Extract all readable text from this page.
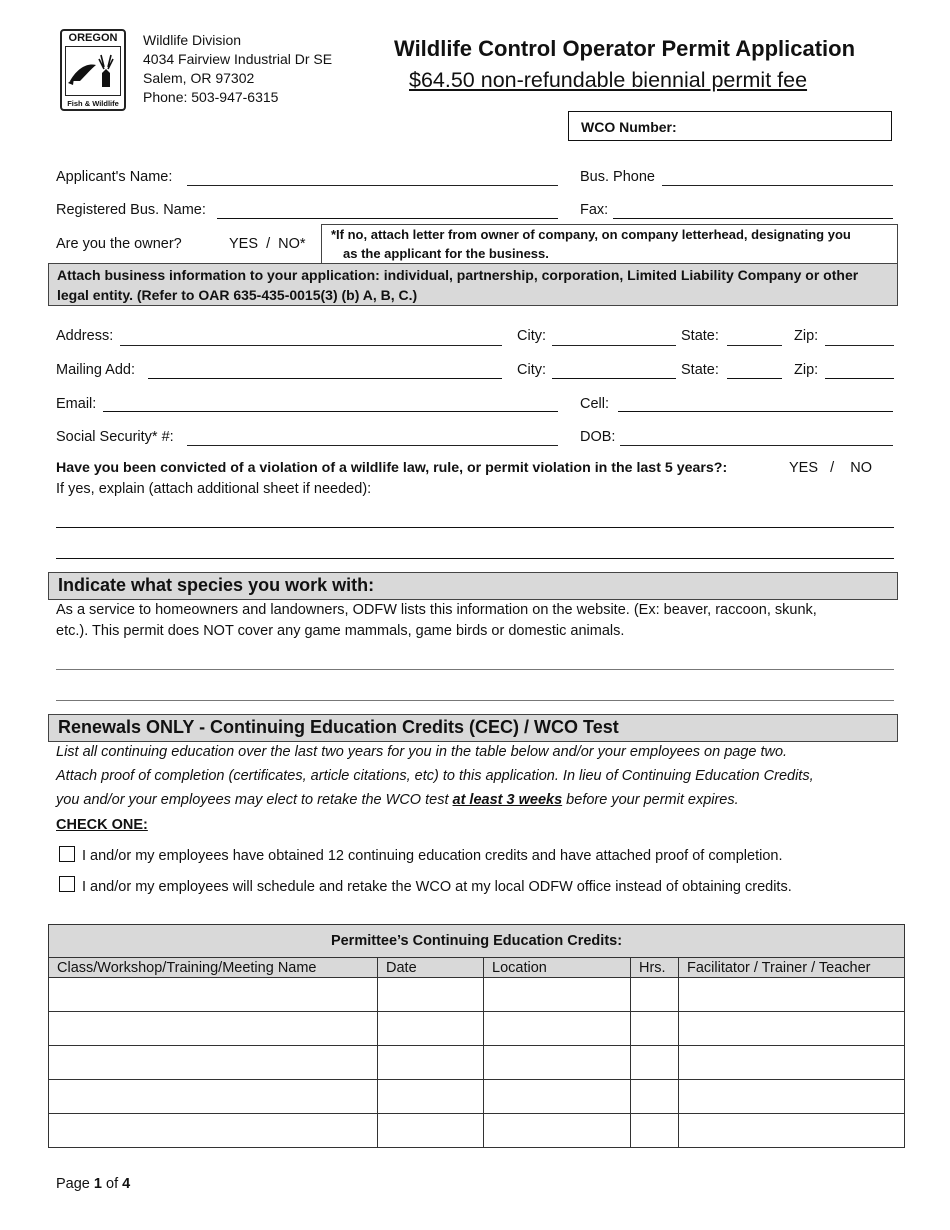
OREGON
Fish & Wildlife
Wildlife Division
4034 Fairview Industrial Dr SE
Salem, OR 97302
Phone: 503-947-6315
Wildlife Control Operator Permit Application
$64.50 non-refundable biennial permit fee
WCO Number:
Applicant's Name:	Bus. Phone
Registered Bus. Name:	Fax:
Are you the owner?	YES  /  NO*
*If no, attach letter from owner of company, on company letterhead, designating you
as the applicant for the business.
Attach business information to your application: individual, partnership, corporation, Limited Liability Company or other legal entity. (Refer to OAR 635-435-0015(3) (b) A, B, C.)
Address:	City:	State:	Zip:
Mailing Add:	City:	State:	Zip:
Email:	Cell:
Social Security* #:	DOB:
Have you been convicted of a violation of a wildlife law, rule, or permit violation in the last 5 years?:	YES   /    NO
If yes, explain (attach additional sheet if needed):
Indicate what species you work with:
As a service to homeowners and landowners, ODFW lists this information on the website. (Ex: beaver, raccoon, skunk,
etc.). This permit does NOT cover any game mammals, game birds or domestic animals.
Renewals ONLY - Continuing Education Credits (CEC) / WCO Test
List all continuing education over the last two years for you in the table below and/or your employees on page two.
Attach proof of completion (certificates, article citations, etc) to this application. In lieu of Continuing Education Credits,
you and/or your employees may elect to retake the WCO test at least 3 weeks before your permit expires.
CHECK ONE:
I and/or my employees have obtained 12 continuing education credits and have attached proof of completion.
I and/or my employees will schedule and retake the WCO at my local ODFW office instead of obtaining credits.
Permittee’s Continuing Education Credits:				
Class/Workshop/Training/Meeting Name	Date	Location	Hrs.	Facilitator / Trainer / Teacher

Page 1 of 4
